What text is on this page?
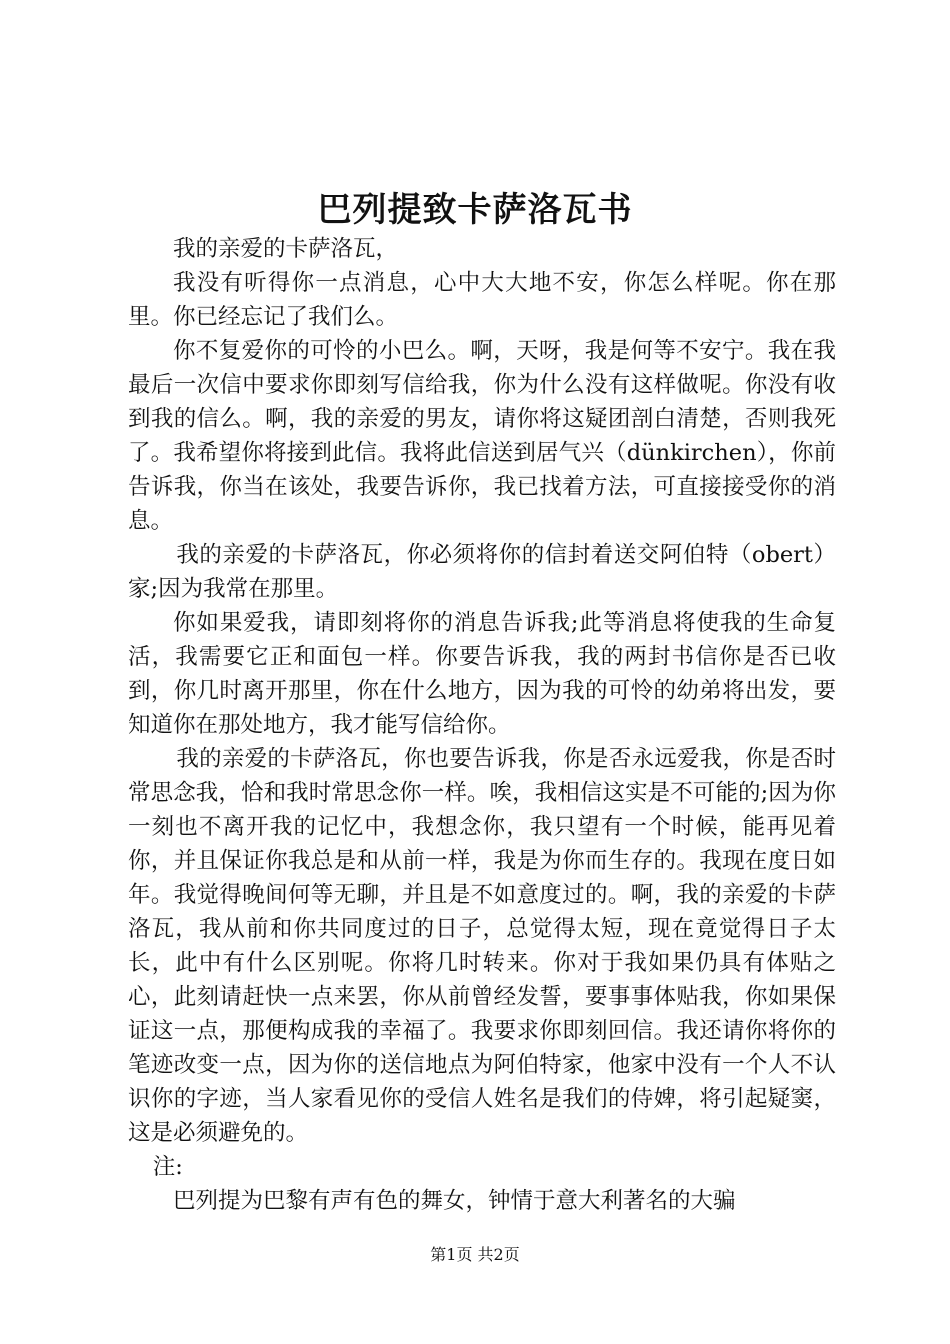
巴列提致卡萨洛瓦书

我的亲爱的卡萨洛瓦，

我没有听得你一点消息，心中大大地不安，你怎么样呢。你在那里。你已经忘记了我们么。

你不复爱你的可怜的小巴么。啊，天呀，我是何等不安宁。我在我最后一次信中要求你即刻写信给我，你为什么没有这样做呢。你没有收到我的信么。啊，我的亲爱的男友，请你将这疑团剖白清楚，否则我死了。我希望你将接到此信。我将此信送到居气兴（dünkirchen），你前告诉我，你当在该处，我要告诉你，我已找着方法，可直接接受你的消息。

我的亲爱的卡萨洛瓦，你必须将你的信封着送交阿伯特（obert）家;因为我常在那里。

你如果爱我，请即刻将你的消息告诉我;此等消息将使我的生命复活，我需要它正和面包一样。你要告诉我，我的两封书信你是否已收到，你几时离开那里，你在什么地方，因为我的可怜的幼弟将出发，要知道你在那处地方，我才能写信给你。

我的亲爱的卡萨洛瓦，你也要告诉我，你是否永远爱我，你是否时常思念我，恰和我时常思念你一样。唉，我相信这实是不可能的;因为你一刻也不离开我的记忆中，我想念你，我只望有一个时候，能再见着你，并且保证你我总是和从前一样，我是为你而生存的。我现在度日如年。我觉得晚间何等无聊，并且是不如意度过的。啊，我的亲爱的卡萨洛瓦，我从前和你共同度过的日子，总觉得太短，现在竟觉得日子太长，此中有什么区别呢。你将几时转来。你对于我如果仍具有体贴之心，此刻请赶快一点来罢，你从前曾经发誓，要事事体贴我，你如果保证这一点，那便构成我的幸福了。我要求你即刻回信。我还请你将你的笔迹改变一点，因为你的送信地点为阿伯特家，他家中没有一个人不认识你的字迹，当人家看见你的受信人姓名是我们的侍婢，将引起疑窦，这是必须避免的。

注:

巴列提为巴黎有声有色的舞女，钟情于意大利著名的大骗

第1页 共2页
